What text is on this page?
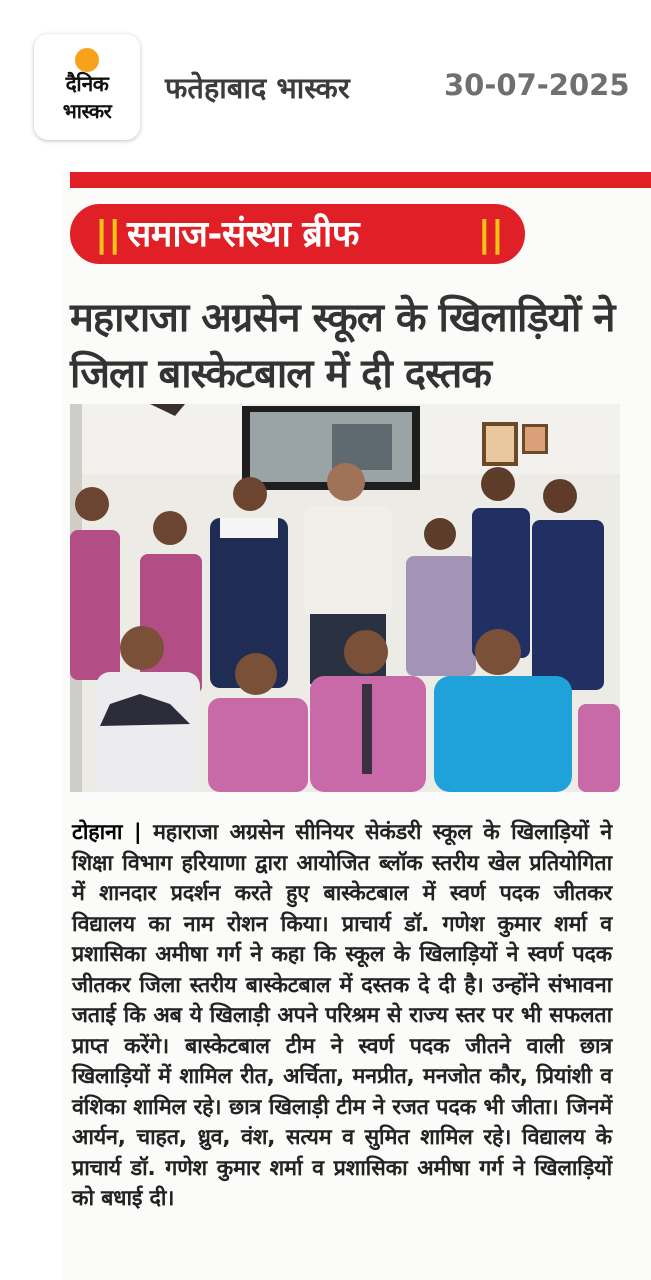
दैनिक
भास्कर
फतेहाबाद भास्कर	30-07-2025
|| समाज-संस्था ब्रीफ	||
महाराजा अग्रसेन स्कूल के खिलाड़ियों ने जिला बास्केटबाल में दी दस्तक
टोहाना | महाराजा अग्रसेन सीनियर सेकंडरी स्कूल के खिलाड़ियों ने शिक्षा विभाग हरियाणा द्वारा आयोजित ब्लॉक स्तरीय खेल प्रतियोगिता में शानदार प्रदर्शन करते हुए बास्केटबाल में स्वर्ण पदक जीतकर विद्यालय का नाम रोशन किया। प्राचार्य डॉ. गणेश कुमार शर्मा व प्रशासिका अमीषा गर्ग ने कहा कि स्कूल के खिलाड़ियों ने स्वर्ण पदक जीतकर जिला स्तरीय बास्केटबाल में दस्तक दे दी है। उन्होंने संभावना जताई कि अब ये खिलाड़ी अपने परिश्रम से राज्य स्तर पर भी सफलता प्राप्त करेंगे। बास्केटबाल टीम ने स्वर्ण पदक जीतने वाली छात्र खिलाड़ियों में शामिल रीत, अर्चिता, मनप्रीत, मनजोत कौर, प्रियांशी व वंशिका शामिल रहे। छात्र खिलाड़ी टीम ने रजत पदक भी जीता। जिनमें आर्यन, चाहत, ध्रुव, वंश, सत्यम व सुमित शामिल रहे। विद्यालय के प्राचार्य डॉ. गणेश कुमार शर्मा व प्रशासिका अमीषा गर्ग ने खिलाड़ियों को बधाई दी।
